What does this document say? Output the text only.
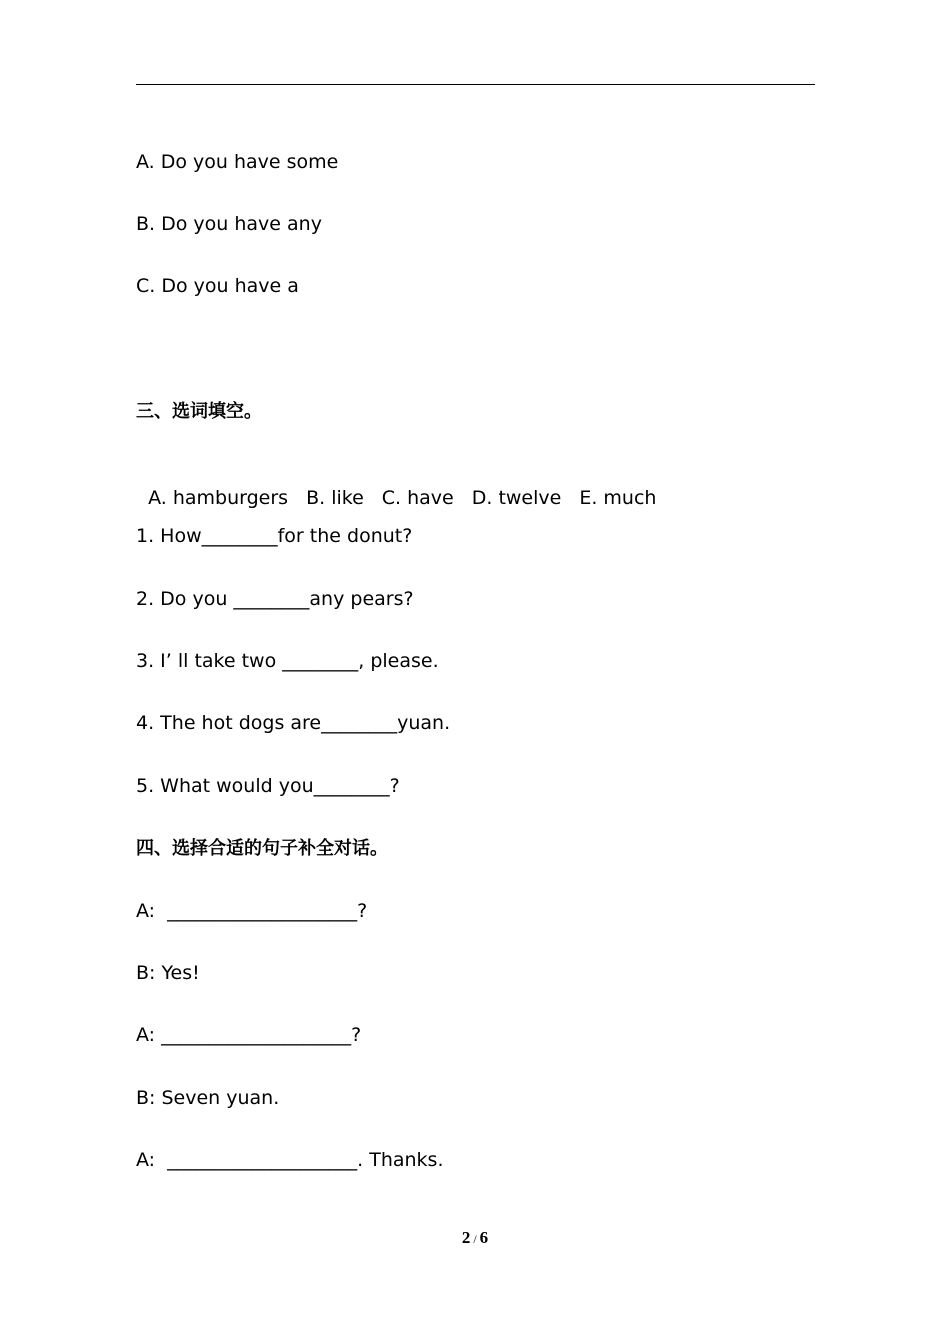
A. Do you have some
B. Do you have any
C. Do you have a
三、选词填空。

A. hamburgers B. like C. have D. twelve E. much

1. How________for the donut?
2. Do you ________any pears?
3. I’ ll take two ________, please.
4. The hot dogs are________yuan.
5. What would you________?
四、选择合适的句子补全对话。
A:  ____________________?
B: Yes!
A: ____________________?
B: Seven yuan.
A:  ____________________. Thanks.
2 / 6
